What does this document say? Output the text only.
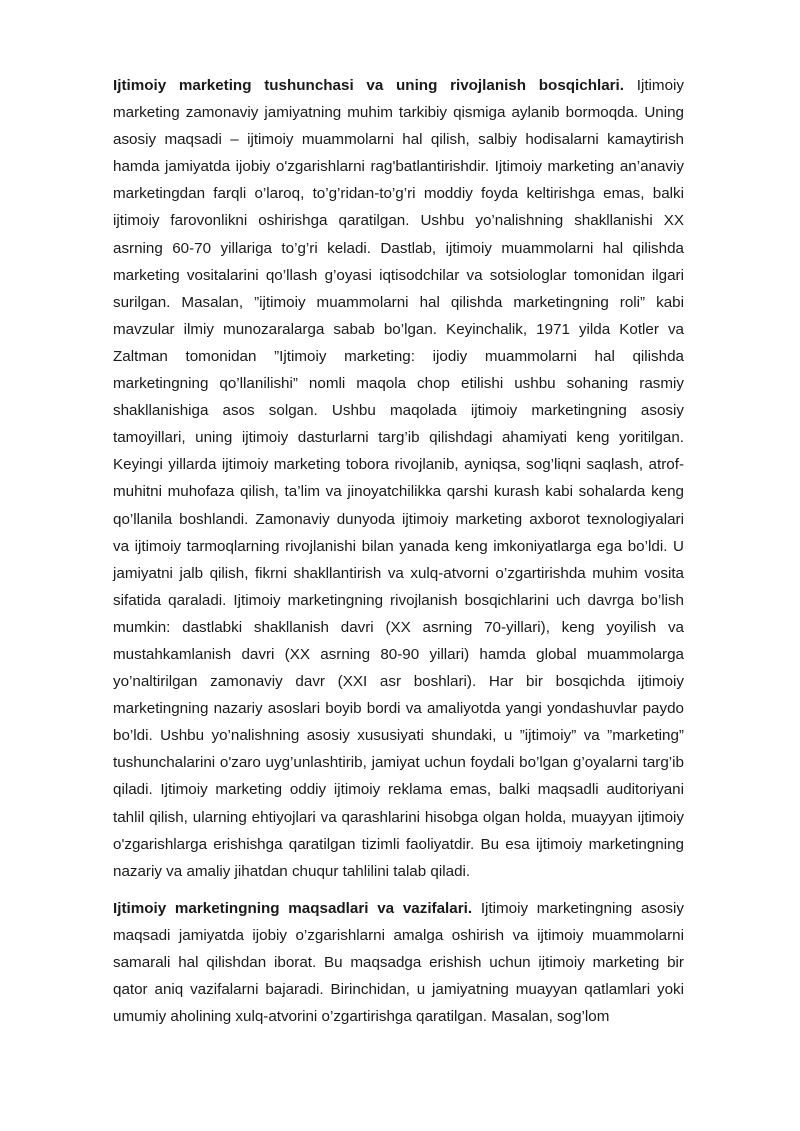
Ijtimoiy marketing tushunchasi va uning rivojlanish bosqichlari. Ijtimoiy marketing zamonaviy jamiyatning muhim tarkibiy qismiga aylanib bormoqda. Uning asosiy maqsadi – ijtimoiy muammolarni hal qilish, salbiy hodisalarni kamaytirish hamda jamiyatda ijobiy o'zgarishlarni rag'batlantirishdir. Ijtimoiy marketing an’anaviy marketingdan farqli o’laroq, to’g’ridan-to’g’ri moddiy foyda keltirishga emas, balki ijtimoiy farovonlikni oshirishga qaratilgan. Ushbu yo’nalishning shakllanishi XX asrning 60-70 yillariga to’g’ri keladi. Dastlab, ijtimoiy muammolarni hal qilishda marketing vositalarini qo’llash g’oyasi iqtisodchilar va sotsiologlar tomonidan ilgari surilgan. Masalan, ”ijtimoiy muammolarni hal qilishda marketingning roli” kabi mavzular ilmiy munozaralarga sabab bo’lgan. Keyinchalik, 1971 yilda Kotler va Zaltman tomonidan ”Ijtimoiy marketing: ijodiy muammolarni hal qilishda marketingning qo’llanilishi” nomli maqola chop etilishi ushbu sohaning rasmiy shakllanishiga asos solgan. Ushbu maqolada ijtimoiy marketingning asosiy tamoyillari, uning ijtimoiy dasturlarni targ’ib qilishdagi ahamiyati keng yoritilgan. Keyingi yillarda ijtimoiy marketing tobora rivojlanib, ayniqsa, sog’liqni saqlash, atrof-muhitni muhofaza qilish, ta’lim va jinoyatchilikka qarshi kurash kabi sohalarda keng qo’llanila boshlandi. Zamonaviy dunyoda ijtimoiy marketing axborot texnologiyalari va ijtimoiy tarmoqlarning rivojlanishi bilan yanada keng imkoniyatlarga ega bo’ldi. U jamiyatni jalb qilish, fikrni shakllantirish va xulq-atvorni o’zgartirishda muhim vosita sifatida qaraladi. Ijtimoiy marketingning rivojlanish bosqichlarini uch davrga bo’lish mumkin: dastlabki shakllanish davri (XX asrning 70-yillari), keng yoyilish va mustahkamlanish davri (XX asrning 80-90 yillari) hamda global muammolarga yo’naltirilgan zamonaviy davr (XXI asr boshlari). Har bir bosqichda ijtimoiy marketingning nazariy asoslari boyib bordi va amaliyotda yangi yondashuvlar paydo bo’ldi. Ushbu yo’nalishning asosiy xususiyati shundaki, u ”ijtimoiy” va ”marketing” tushunchalarini o'zaro uyg’unlashtirib, jamiyat uchun foydali bo’lgan g’oyalarni targ’ib qiladi. Ijtimoiy marketing oddiy ijtimoiy reklama emas, balki maqsadli auditoriyani tahlil qilish, ularning ehtiyojlari va qarashlarini hisobga olgan holda, muayyan ijtimoiy o'zgarishlarga erishishga qaratilgan tizimli faoliyatdir. Bu esa ijtimoiy marketingning nazariy va amaliy jihatdan chuqur tahlilini talab qiladi.

Ijtimoiy marketingning maqsadlari va vazifalari. Ijtimoiy marketingning asosiy maqsadi jamiyatda ijobiy o’zgarishlarni amalga oshirish va ijtimoiy muammolarni samarali hal qilishdan iborat. Bu maqsadga erishish uchun ijtimoiy marketing bir qator aniq vazifalarni bajaradi. Birinchidan, u jamiyatning muayyan qatlamlari yoki umumiy aholining xulq-atvorini o’zgartirishga qaratilgan. Masalan, sog’lom
